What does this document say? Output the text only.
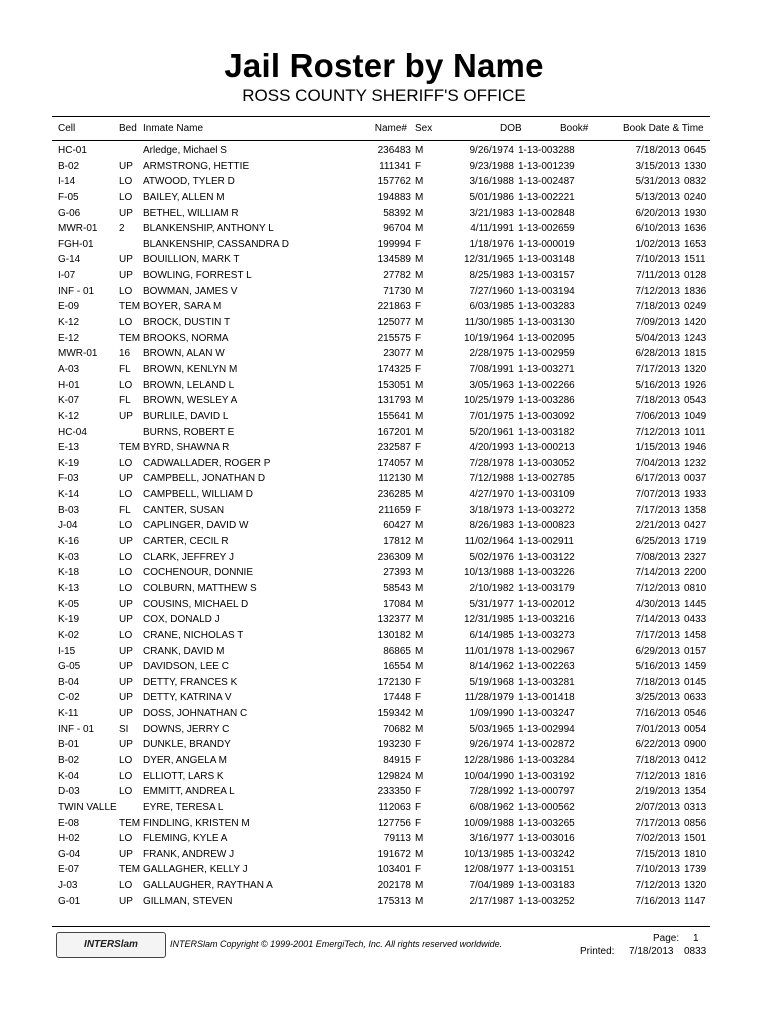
Jail Roster by Name
ROSS COUNTY SHERIFF'S OFFICE
Cell	Bed Inmate Name	Name# Sex	DOB	Book#	Book Date & Time
HC-01	Arledge, Michael S	236483 M	9/26/1974 1-13-003288	7/18/2013 0645
B-02	UP ARMSTRONG, HETTIE	111341 F	9/23/1988 1-13-001239	3/15/2013 1330
I-14	LO ATWOOD, TYLER D	157762 M	3/16/1988 1-13-002487	5/31/2013 0832
F-05	LO BAILEY, ALLEN M	194883 M	5/01/1986 1-13-002221	5/13/2013 0240
G-06	UP BETHEL, WILLIAM R	58392 M	3/21/1983 1-13-002848	6/20/2013 1930
MWR-01 2 BLANKENSHIP, ANTHONY L	96704 M	4/11/1991 1-13-002659	6/10/2013 1636
FGH-01	BLANKENSHIP, CASSANDRA D	199994 F	1/18/1976 1-13-000019	1/02/2013 1653
G-14	UP BOUILLION, MARK T	134589 M	12/31/1965 1-13-003148	7/10/2013 1511
I-07	UP BOWLING, FORREST L	27782 M	8/25/1983 1-13-003157	7/11/2013 0128
INF - 01 LO BOWMAN, JAMES V	71730 M	7/27/1960 1-13-003194	7/12/2013 1836
E-09	TEM BOYER, SARA M	221863 F	6/03/1985 1-13-003283	7/18/2013 0249
K-12	LO BROCK, DUSTIN T	125077 M	11/30/1985 1-13-003130	7/09/2013 1420
E-12	TEM BROOKS, NORMA	215575 F	10/19/1964 1-13-002095	5/04/2013 1243
MWR-01 16 BROWN, ALAN W	23077 M	2/28/1975 1-13-002959	6/28/2013 1815
A-03	FL BROWN, KENLYN M	174325 F	7/08/1991 1-13-003271	7/17/2013 1320
H-01	LO BROWN, LELAND L	153051 M	3/05/1963 1-13-002266	5/16/2013 1926
K-07	FL BROWN, WESLEY A	131793 M	10/25/1979 1-13-003286	7/18/2013 0543
K-12	UP BURLILE, DAVID L	155641 M	7/01/1975 1-13-003092	7/06/2013 1049
HC-04	BURNS, ROBERT E	167201 M	5/20/1961 1-13-003182	7/12/2013 1011
E-13	TEM BYRD, SHAWNA R	232587 F	4/20/1993 1-13-000213	1/15/2013 1946
K-19	LO CADWALLADER, ROGER P	174057 M	7/28/1978 1-13-003052	7/04/2013 1232
F-03	UP CAMPBELL, JONATHAN D	112130 M	7/12/1988 1-13-002785	6/17/2013 0037
K-14	LO CAMPBELL, WILLIAM D	236285 M	4/27/1970 1-13-003109	7/07/2013 1933
B-03	FL CANTER, SUSAN	211659 F	3/18/1973 1-13-003272	7/17/2013 1358
J-04	LO CAPLINGER, DAVID W	60427 M	8/26/1983 1-13-000823	2/21/2013 0427
K-16	UP CARTER, CECIL R	17812 M	11/02/1964 1-13-002911	6/25/2013 1719
K-03	LO CLARK, JEFFREY J	236309 M	5/02/1976 1-13-003122	7/08/2013 2327
K-18	LO COCHENOUR, DONNIE	27393 M	10/13/1988 1-13-003226	7/14/2013 2200
K-13	LO COLBURN, MATTHEW S	58543 M	2/10/1982 1-13-003179	7/12/2013 0810
K-05	UP COUSINS, MICHAEL D	17084 M	5/31/1977 1-13-002012	4/30/2013 1445
K-19	UP COX, DONALD J	132377 M	12/31/1985 1-13-003216	7/14/2013 0433
K-02	LO CRANE, NICHOLAS T	130182 M	6/14/1985 1-13-003273	7/17/2013 1458
I-15	UP CRANK, DAVID M	86865 M	11/01/1978 1-13-002967	6/29/2013 0157
G-05	UP DAVIDSON, LEE C	16554 M	8/14/1962 1-13-002263	5/16/2013 1459
B-04	UP DETTY, FRANCES K	172130 F	5/19/1968 1-13-003281	7/18/2013 0145
C-02	UP DETTY, KATRINA V	17448 F	11/28/1979 1-13-001418	3/25/2013 0633
K-11	UP DOSS, JOHNATHAN C	159342 M	1/09/1990 1-13-003247	7/16/2013 0546
INF - 01 SI DOWNS, JERRY C	70682 M	5/03/1965 1-13-002994	7/01/2013 0054
B-01	UP DUNKLE, BRANDY	193230 F	9/26/1974 1-13-002872	6/22/2013 0900
B-02	LO DYER, ANGELA M	84915 F	12/28/1986 1-13-003284	7/18/2013 0412
K-04	LO ELLIOTT, LARS K	129824 M	10/04/1990 1-13-003192	7/12/2013 1816
D-03	LO EMMITT, ANDREA L	233350 F	7/28/1992 1-13-000797	2/19/2013 1354
TWIN VALLE	EYRE, TERESA L	112063 F	6/08/1962 1-13-000562	2/07/2013 0313
E-08	TEM FINDLING, KRISTEN M	127756 F	10/09/1988 1-13-003265	7/17/2013 0856
H-02	LO FLEMING, KYLE A	79113 M	3/16/1977 1-13-003016	7/02/2013 1501
G-04	UP FRANK, ANDREW J	191672 M	10/13/1985 1-13-003242	7/15/2013 1810
E-07	TEM GALLAGHER, KELLY J	103401 F	12/08/1977 1-13-003151	7/10/2013 1739
J-03	LO GALLAUGHER, RAYTHAN A	202178 M	7/04/1989 1-13-003183	7/12/2013 1320
G-01	UP GILLMAN, STEVEN	175313 M	2/17/1987 1-13-003252	7/16/2013 1147
INTERSlam	INTERSlam Copyright © 1999-2001 EmergiTech, Inc. All rights reserved worldwide.	Page: 1
Printed: 7/18/2013 0833
